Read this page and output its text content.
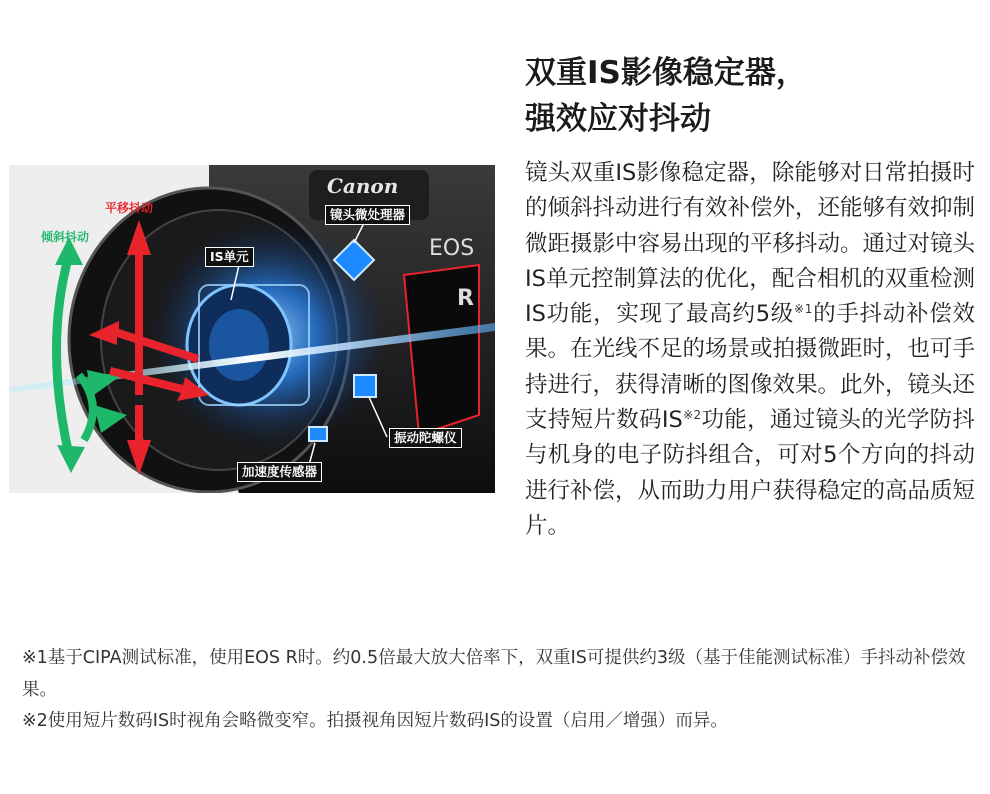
Canon
EOS
R
平移抖动
倾斜抖动
镜头微处理器
IS单元
振动陀螺仪
加速度传感器
双重IS影像稳定器，
强效应对抖动

镜头双重IS影像稳定器，除能够对日常拍摄时的倾斜抖动进行有效补偿外，还能够有效抑制微距摄影中容易出现的平移抖动。通过对镜头IS单元控制算法的优化，配合相机的双重检测IS功能，实现了最高约5级$^{※1}$的手抖动补偿效果。在光线不足的场景或拍摄微距时，也可手持进行，获得清晰的图像效果。此外，镜头还支持短片数码IS$^{※2}$功能，通过镜头的光学防抖与机身的电子防抖组合，可对5个方向的抖动进行补偿，从而助力用户获得稳定的高品质短片。

※1基于CIPA测试标准，使用EOS R时。约0.5倍最大放大倍率下，双重IS可提供约3级（基于佳能测试标准）手抖动补偿效果。
※2使用短片数码IS时视角会略微变窄。拍摄视角因短片数码IS的设置（启用／增强）而异。
